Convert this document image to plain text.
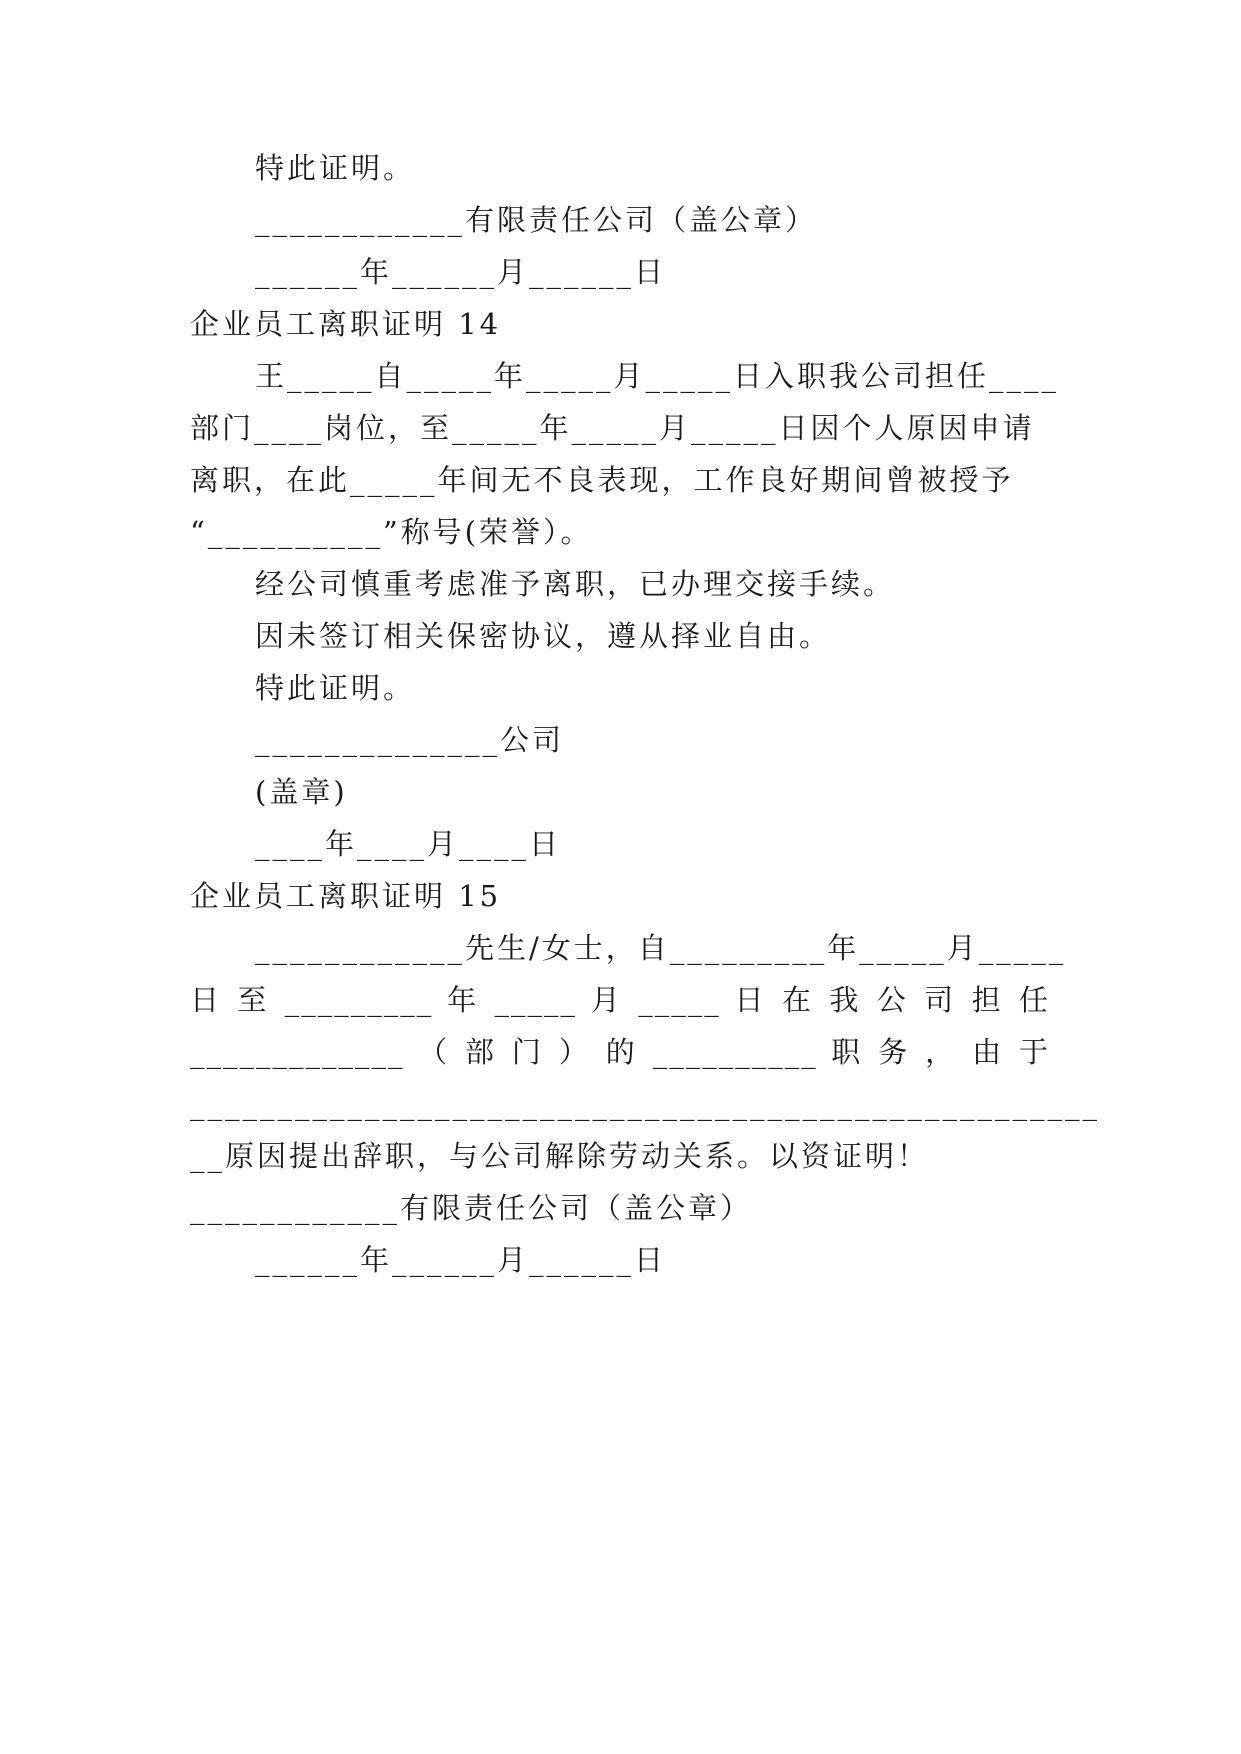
特此证明。

____________有限责任公司（盖公章）

______年______月______日

企业员工离职证明 14

王_____自_____年_____月_____日入职我公司担任____

部门____岗位，至_____年_____月_____日因个人原因申请

离职，在此_____年间无不良表现，工作良好期间曾被授予

“__________”称号(荣誉）。

经公司慎重考虑准予离职，已办理交接手续。

因未签订相关保密协议，遵从择业自由。

特此证明。

______________公司

(盖章)

____年____月____日

企业员工离职证明 15

____________先生/女士，自_________年_____月_____

日 至 _________ 年 _____ 月 _____ 日 在 我 公 司 担 任

_____________ （ 部 门 ） 的 __________ 职 务 ， 由 于

____________________________________________________

__原因提出辞职，与公司解除劳动关系。以资证明！

____________有限责任公司（盖公章）

______年______月______日
